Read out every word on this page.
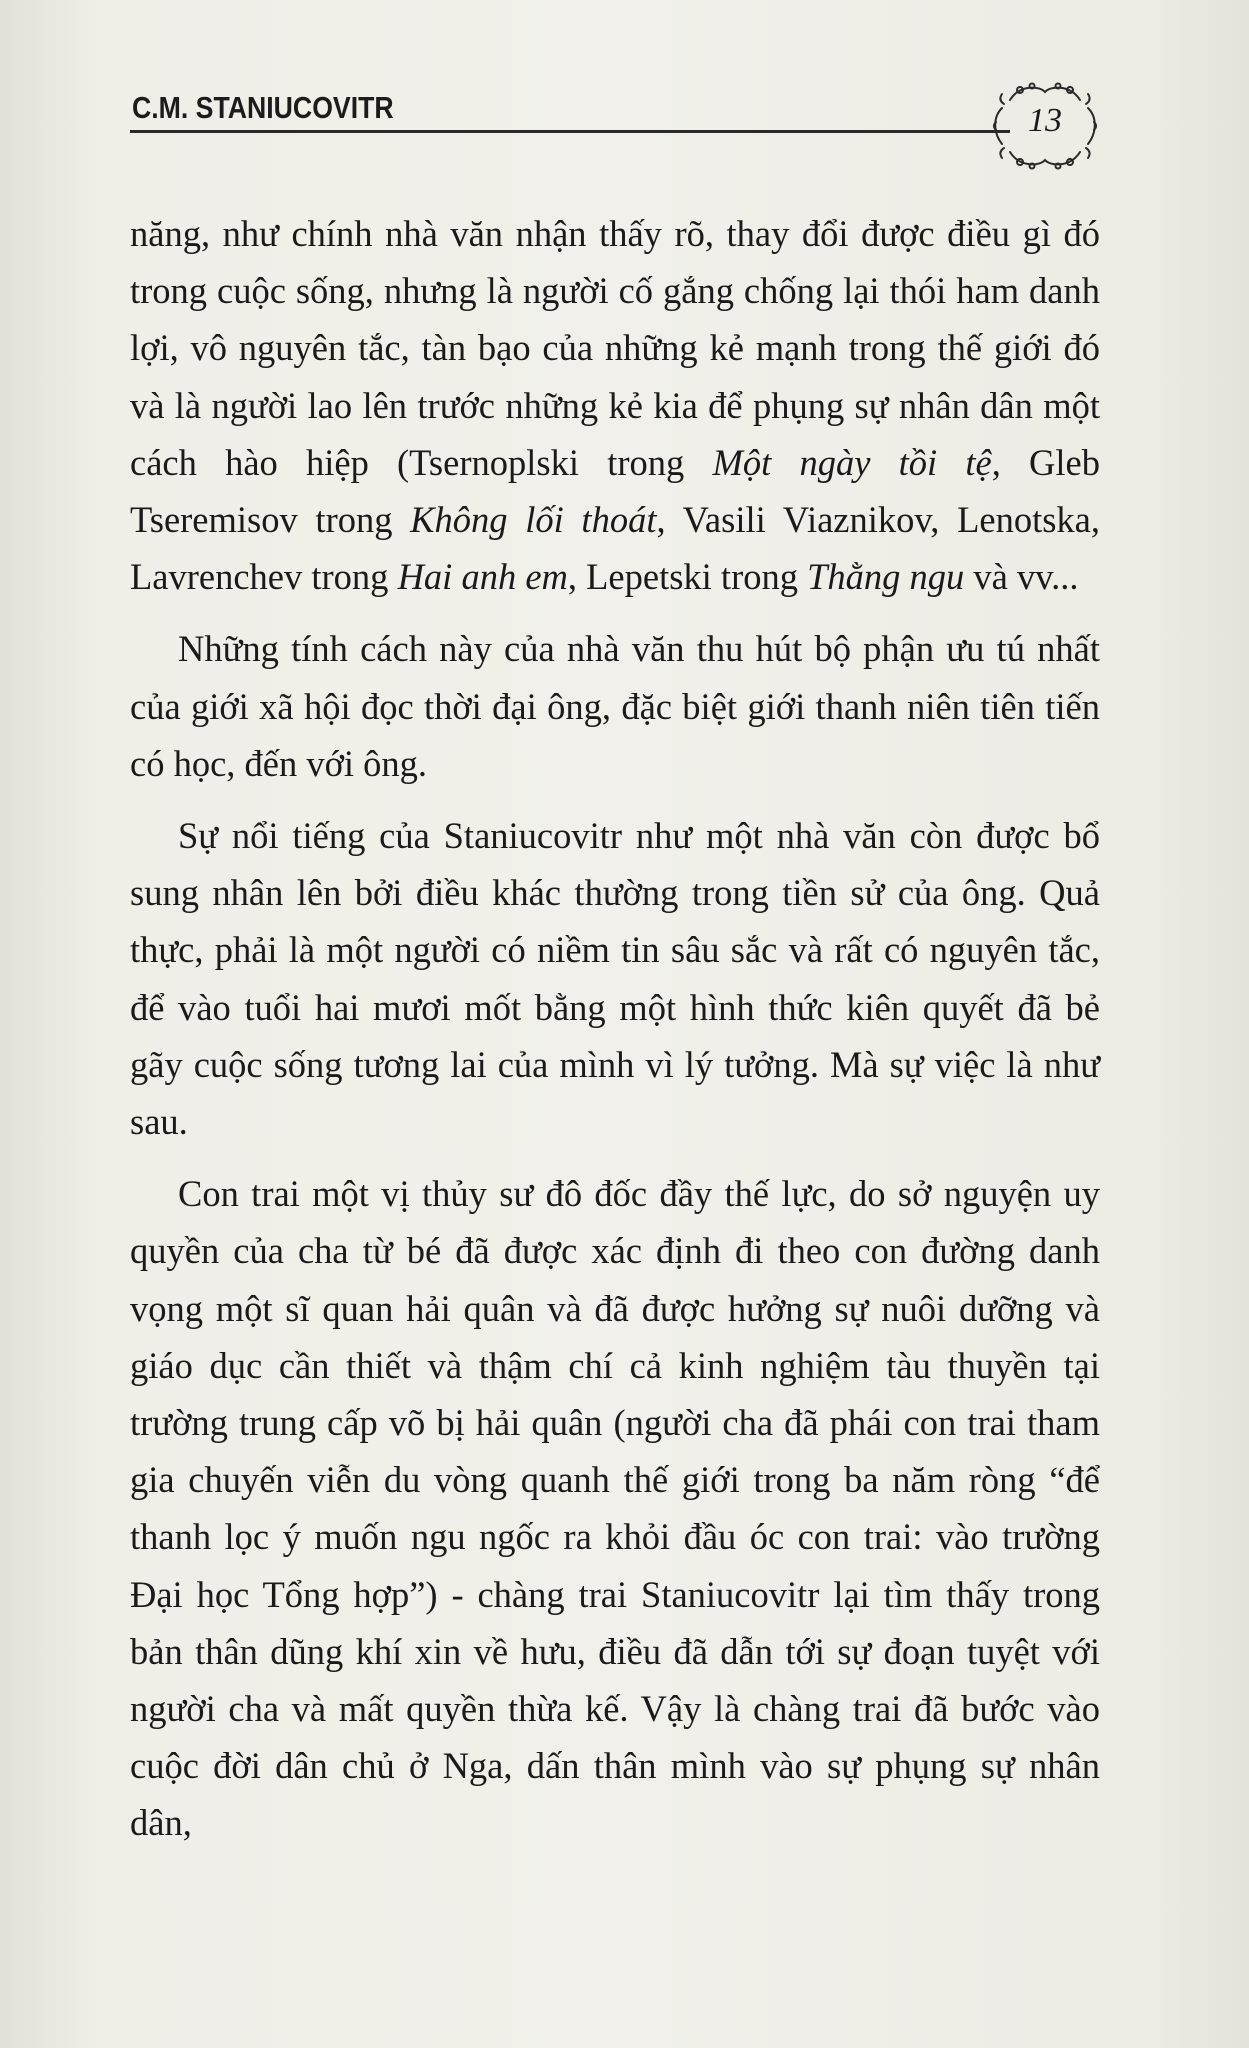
C.M. STANIUCOVITR	13

năng, như chính nhà văn nhận thấy rõ, thay đổi được điều gì đó trong cuộc sống, nhưng là người cố gắng chống lại thói ham danh lợi, vô nguyên tắc, tàn bạo của những kẻ mạnh trong thế giới đó và là người lao lên trước những kẻ kia để phụng sự nhân dân một cách hào hiệp (Tsernoplski trong Một ngày tồi tệ, Gleb Tseremisov trong Không lối thoát, Vasili Viaznikov, Lenotska, Lavrenchev trong Hai anh em, Lepetski trong Thằng ngu và vv...

Những tính cách này của nhà văn thu hút bộ phận ưu tú nhất của giới xã hội đọc thời đại ông, đặc biệt giới thanh niên tiên tiến có học, đến với ông.

Sự nổi tiếng của Staniucovitr như một nhà văn còn được bổ sung nhân lên bởi điều khác thường trong tiền sử của ông. Quả thực, phải là một người có niềm tin sâu sắc và rất có nguyên tắc, để vào tuổi hai mươi mốt bằng một hình thức kiên quyết đã bẻ gãy cuộc sống tương lai của mình vì lý tưởng. Mà sự việc là như sau.

Con trai một vị thủy sư đô đốc đầy thế lực, do sở nguyện uy quyền của cha từ bé đã được xác định đi theo con đường danh vọng một sĩ quan hải quân và đã được hưởng sự nuôi dưỡng và giáo dục cần thiết và thậm chí cả kinh nghiệm tàu thuyền tại trường trung cấp võ bị hải quân (người cha đã phái con trai tham gia chuyến viễn du vòng quanh thế giới trong ba năm ròng “để thanh lọc ý muốn ngu ngốc ra khỏi đầu óc con trai: vào trường Đại học Tổng hợp”) - chàng trai Staniucovitr lại tìm thấy trong bản thân dũng khí xin về hưu, điều đã dẫn tới sự đoạn tuyệt với người cha và mất quyền thừa kế. Vậy là chàng trai đã bước vào cuộc đời dân chủ ở Nga, dấn thân mình vào sự phụng sự nhân dân,
